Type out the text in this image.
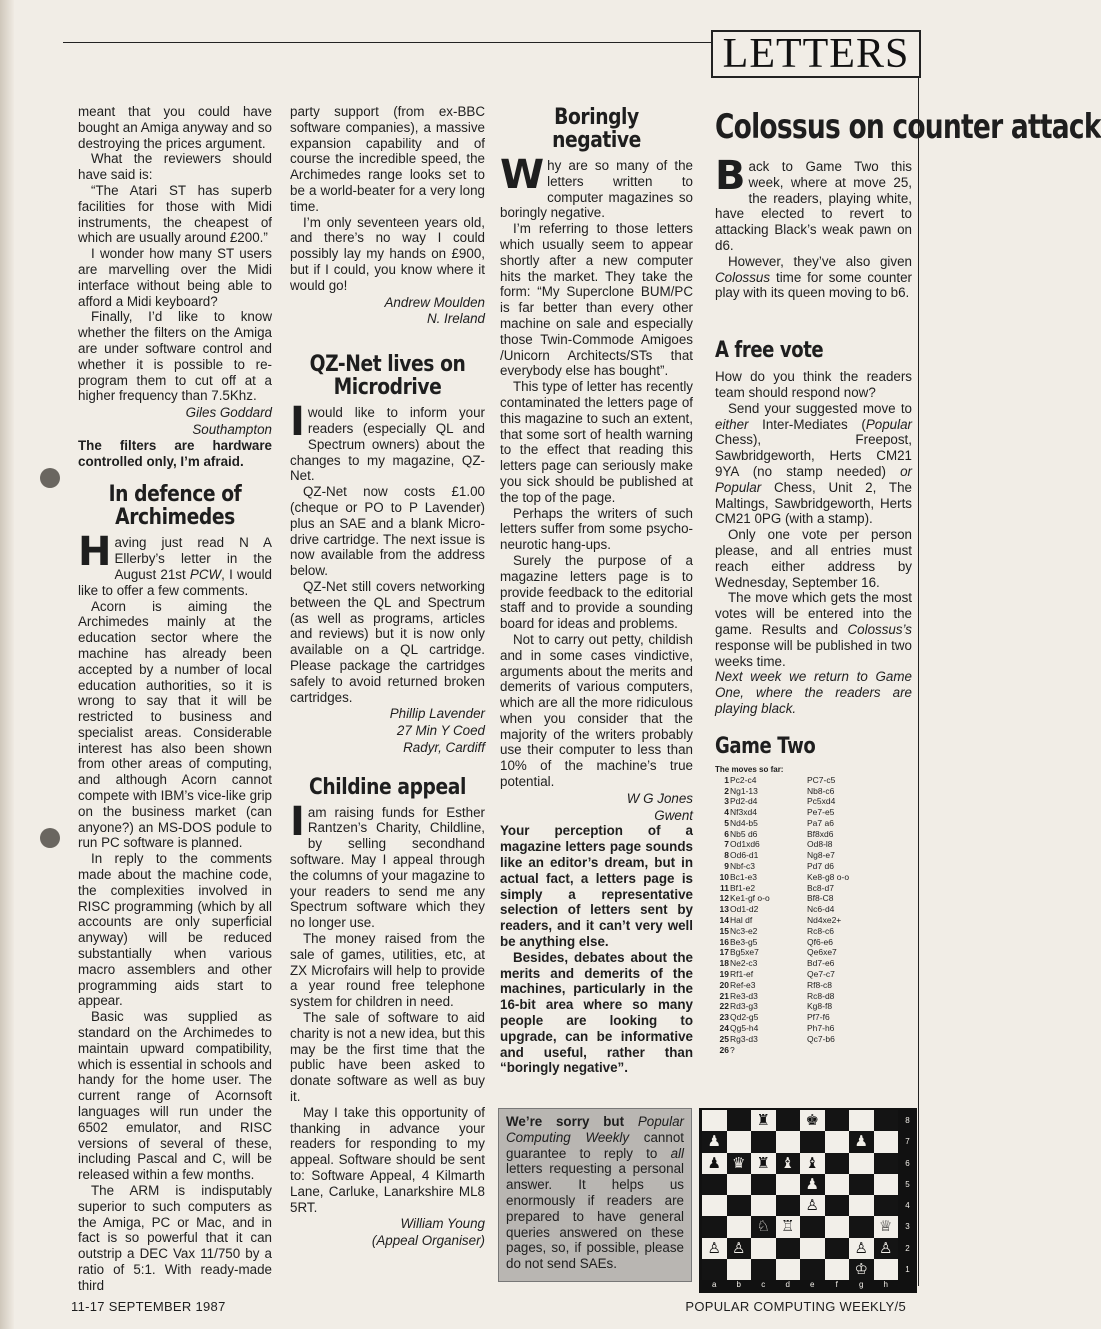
LETTERS

meant that you could have bought an Amiga anyway and so destroying the prices argument.

What the reviewers should have said is:

“The Atari ST has superb facilities for those with Midi instruments, the cheapest of which are usually around £200.”

I wonder how many ST users are marvelling over the Midi interface without being able to afford a Midi keyboard?

Finally, I’d like to know whether the filters on the Amiga are under software control and whether it is possible to re-program them to cut off at a higher frequency than 7.5Khz.

Giles Goddard

Southampton

The filters are hardware controlled only, I’m afraid.

In defence of Archimedes

Having just read N A Ellerby’s letter in the August 21st PCW, I would like to offer a few comments.

Acorn is aiming the Archimedes mainly at the education sector where the machine has already been accepted by a number of local education authorities, so it is wrong to say that it will be restricted to business and specialist areas. Considerable interest has also been shown from other areas of computing, and although Acorn cannot compete with IBM’s vice-like grip on the business market (can anyone?) an MS-DOS podule to run PC software is planned.

In reply to the comments made about the machine code, the complexities involved in RISC programming (which by all accounts are only superficial anyway) will be reduced substantially when various macro assemblers and other programming aids start to appear.

Basic was supplied as standard on the Archimedes to maintain upward compatibility, which is essential in schools and handy for the home user. The current range of Acornsoft languages will run under the 6502 emulator, and RISC versions of several of these, including Pascal and C, will be released within a few months.

The ARM is indisputably superior to such computers as the Amiga, PC or Mac, and in fact is so powerful that it can outstrip a DEC Vax 11/750 by a ratio of 5:1. With ready-made third

party support (from ex-BBC software companies), a massive expansion capability and of course the incredible speed, the Archimedes range looks set to be a world-beater for a very long time.

I’m only seventeen years old, and there’s no way I could possibly lay my hands on £900, but if I could, you know where it would go!

Andrew Moulden

N. Ireland

QZ-Net lives on Microdrive

Iwould like to inform your readers (especially QL and Spectrum owners) about the changes to my magazine, QZ-Net.

QZ-Net now costs £1.00 (cheque or PO to P Lavender) plus an SAE and a blank Micro-drive cartridge. The next issue is now available from the address below.

QZ-Net still covers networking between the QL and Spectrum (as well as programs, articles and reviews) but it is now only available on a QL cartridge. Please package the cartridges safely to avoid returned broken cartridges.

Phillip Lavender

27 Min Y Coed

Radyr, Cardiff

Childine appeal

Iam raising funds for Esther Rantzen’s Charity, Childline, by selling secondhand software. May I appeal through the columns of your magazine to your readers to send me any Spectrum software which they no longer use.

The money raised from the sale of games, utilities, etc, at ZX Microfairs will help to provide a year round free telephone system for children in need.

The sale of software to aid charity is not a new idea, but this may be the first time that the public have been asked to donate software as well as buy it.

May I take this opportunity of thanking in advance your readers for responding to my appeal. Software should be sent to: Software Appeal, 4 Kilmarth Lane, Carluke, Lanarkshire ML8 5RT.

William Young

(Appeal Organiser)

Boringly negative

Why are so many of the letters written to computer magazines so boringly negative.

I’m referring to those letters which usually seem to appear shortly after a new computer hits the market. They take the form: “My Superclone BUM/PC is far better than every other machine on sale and especially those Twin-Commode Amigoes /Unicorn Architects/STs that everybody else has bought”.

This type of letter has recently contaminated the letters page of this magazine to such an extent, that some sort of health warning to the effect that reading this letters page can seriously make you sick should be published at the top of the page.

Perhaps the writers of such letters suffer from some psycho-neurotic hang-ups.

Surely the purpose of a magazine letters page is to provide feedback to the editorial staff and to provide a sounding board for ideas and problems.

Not to carry out petty, childish and in some cases vindictive, arguments about the merits and demerits of various computers, which are all the more ridiculous when you consider that the majority of the writers probably use their computer to less than 10% of the machine’s true potential.

W G Jones

Gwent

Your perception of a magazine letters page sounds like an editor’s dream, but in actual fact, a letters page is simply a representative selection of letters sent by readers, and it can’t very well be anything else.

Besides, debates about the merits and demerits of the machines, particularly in the 16-bit area where so many people are looking to upgrade, can be informative and useful, rather than “boringly negative”.

We’re sorry but Popular Computing Weekly cannot guarantee to reply to all letters requesting a personal answer. It helps us enormously if readers are prepared to have general queries answered on these pages, so, if possible, please do not send SAEs.

Colossus on counter attack

Back to Game Two this week, where at move 25, the readers, playing white, have elected to revert to attacking Black’s weak pawn on d6.

However, they’ve also given Colossus time for some counter play with its queen moving to b6.

A free vote

How do you think the readers team should respond now?

Send your suggested move to either Inter-Mediates (Popular Chess), Freepost, Sawbridgeworth, Herts CM21 9YA (no stamp needed) or Popular Chess, Unit 2, The Maltings, Sawbridgeworth, Herts CM21 0PG (with a stamp).

Only one vote per person please, and all entries must reach either address by Wednesday, September 16.

The move which gets the most votes will be entered into the game. Results and Colossus’s response will be published in two weeks time.

Next week we return to Game One, where the readers are playing black.

Game Two
The moves so far:
1Pc2-c4	PC7-c5
2Ng1-13	Nb8-c6
3Pd2-d4	Pc5xd4
4Nf3xd4	Pe7-e5
5Nd4-b5	Pa7 a6
6Nb5 d6	Bf8xd6
7Od1xd6	Od8-l8
8Od6-d1	Ng8-e7
9Nbf-c3	Pd7 d6
10Bc1-e3	Ke8-g8 o-o
11Bf1-e2	Bc8-d7
12Ke1-gf o-o	Bf8-C8
13Od1-d2	Nc6-d4
14Hal df	Nd4xe2+
15Nc3-e2	Rc8-c6
16Be3-g5	Qf6-e6
17Bg5xe7	Qe6xe7
18Ne2-c3	Bd7-e6
19Rf1-ef	Qe7-c7
20Ref-e3	Rf8-c8
21Re3-d3	Rc8-d8
22Rd3-g3	Kg8-f8
23Qd2-g5	Pf7-f6
24Qg5-h4	Ph7-h6
25Rg3-d3	Qc7-b6
26?
♜	♚
♟	♟
♟ ♛ ♜ ♝ ♝
♟
♙
♘ ♖	♕
♙ ♙	♙ ♙
♔
8
7
6
5
4
3
2
1
a	b	c	d	e	f	g	h
11-17 SEPTEMBER 1987	POPULAR COMPUTING WEEKLY/5
